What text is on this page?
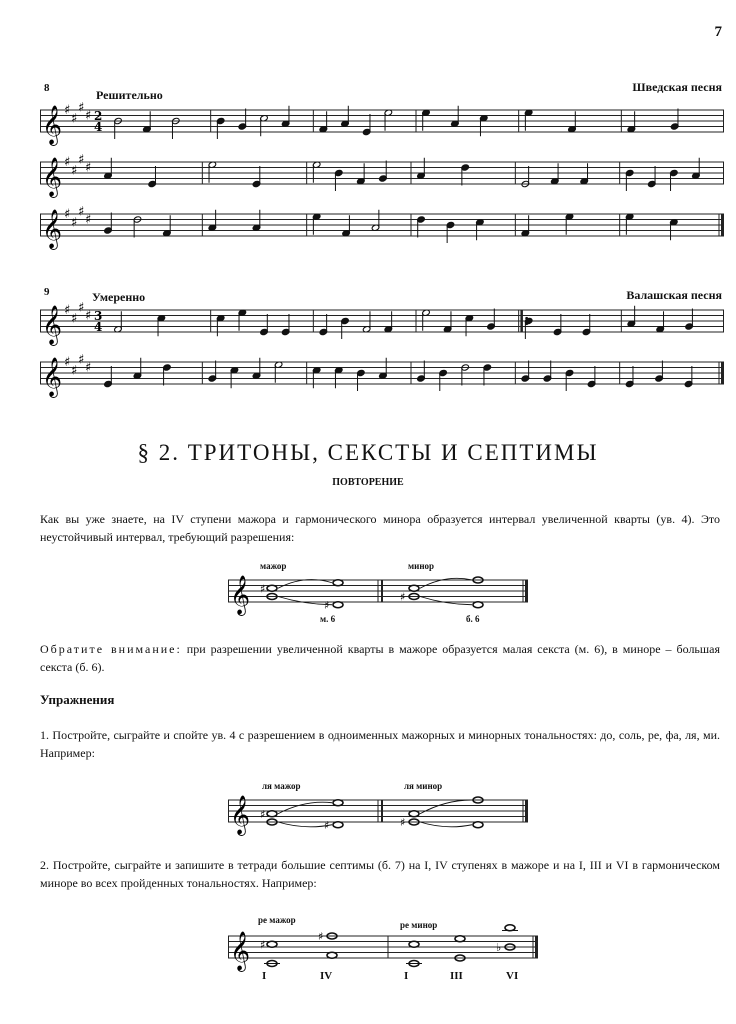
7
8	Решительно
Шведская песня
𝄞 ♯
♯
♯
♯ 2
4
𝄞 ♯
♯
♯
♯
𝄞 ♯
♯
♯
♯
9	Умеренно	Валашская песня
𝄞 ♯
♯
♯
♯ 3
4
𝄞 ♯
♯
♯
♯
§ 2. ТРИТОНЫ, СЕКСТЫ И СЕПТИМЫ
ПОВТОРЕНИЕ
Как вы уже знаете, на IV ступени мажора и гармонического минора образуется интервал увеличенной кварты (ув. 4). Это неустойчивый интервал, требующий разрешения:
мажор	минор
𝄞 ♯
♯
♯
м. 6	б. 6
Обратите внимание: при разрешении увеличенной кварты в мажоре образуется малая секста (м. 6), в миноре – большая секста (б. 6).
Упражнения
1. Постройте, сыграйте и спойте ув. 4 с разрешением в одноименных мажорных и минорных тональностях: до, соль, ре, фа, ля, ми. Например:
ля мажор	ля минор
𝄞 ♯
♯	♯
2. Постройте, сыграйте и запишите в тетради большие септимы (б. 7) на I, IV ступенях в мажоре и на I, III и VI в гармоническом миноре во всех пройденных тональностях. Например:
ре мажор	ре минор
𝄞 ♯
♯
♭
I	IV	I	III	VI
